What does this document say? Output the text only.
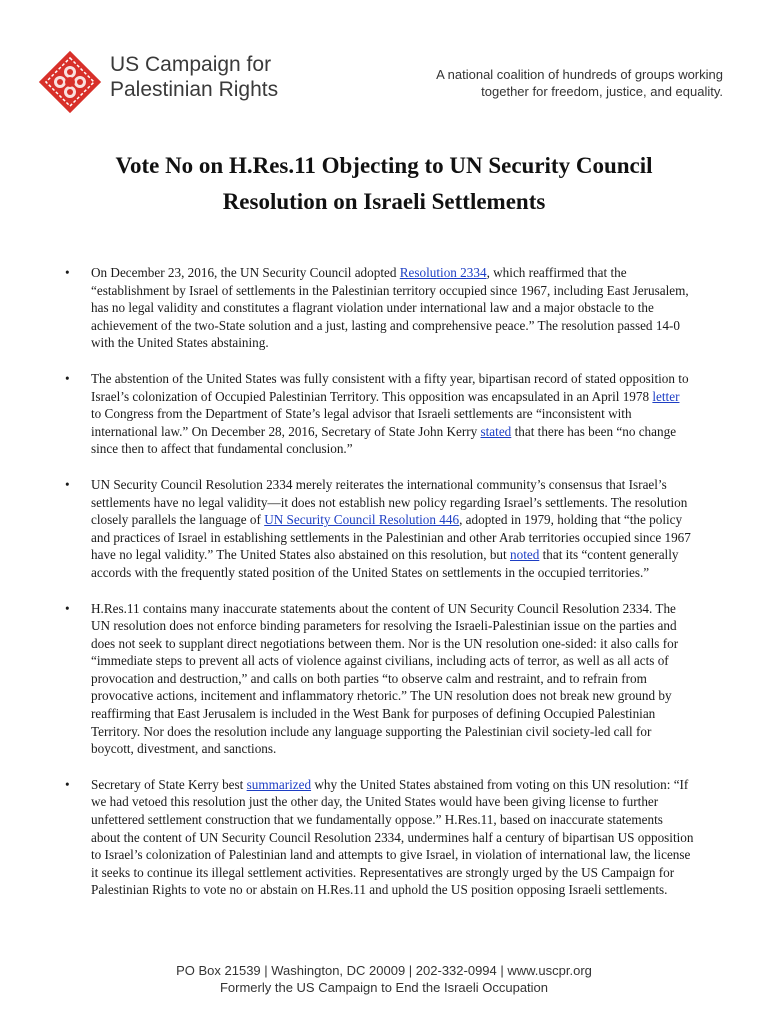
US Campaign for
Palestinian Rights
A national coalition of hundreds of groups working
together for freedom, justice, and equality.
Vote No on H.Res.11 Objecting to UN Security Council
Resolution on Israeli Settlements
• On December 23, 2016, the UN Security Council adopted Resolution 2334, which reaffirmed that the
“establishment by Israel of settlements in the Palestinian territory occupied since 1967, including East Jerusalem,
has no legal validity and constitutes a flagrant violation under international law and a major obstacle to the
achievement of the two-State solution and a just, lasting and comprehensive peace.” The resolution passed 14-0
with the United States abstaining.
• The abstention of the United States was fully consistent with a fifty year, bipartisan record of stated opposition to
Israel’s colonization of Occupied Palestinian Territory. This opposition was encapsulated in an April 1978 letter
to Congress from the Department of State’s legal advisor that Israeli settlements are “inconsistent with
international law.” On December 28, 2016, Secretary of State John Kerry stated that there has been “no change
since then to affect that fundamental conclusion.”
• UN Security Council Resolution 2334 merely reiterates the international community’s consensus that Israel’s
settlements have no legal validity—it does not establish new policy regarding Israel’s settlements. The resolution
closely parallels the language of UN Security Council Resolution 446, adopted in 1979, holding that “the policy
and practices of Israel in establishing settlements in the Palestinian and other Arab territories occupied since 1967
have no legal validity.” The United States also abstained on this resolution, but noted that its “content generally
accords with the frequently stated position of the United States on settlements in the occupied territories.”
• H.Res.11 contains many inaccurate statements about the content of UN Security Council Resolution 2334. The
UN resolution does not enforce binding parameters for resolving the Israeli-Palestinian issue on the parties and
does not seek to supplant direct negotiations between them. Nor is the UN resolution one-sided: it also calls for
“immediate steps to prevent all acts of violence against civilians, including acts of terror, as well as all acts of
provocation and destruction,” and calls on both parties “to observe calm and restraint, and to refrain from
provocative actions, incitement and inflammatory rhetoric.” The UN resolution does not break new ground by
reaffirming that East Jerusalem is included in the West Bank for purposes of defining Occupied Palestinian
Territory. Nor does the resolution include any language supporting the Palestinian civil society-led call for
boycott, divestment, and sanctions.
• Secretary of State Kerry best summarized why the United States abstained from voting on this UN resolution: “If
we had vetoed this resolution just the other day, the United States would have been giving license to further
unfettered settlement construction that we fundamentally oppose.” H.Res.11, based on inaccurate statements
about the content of UN Security Council Resolution 2334, undermines half a century of bipartisan US opposition
to Israel’s colonization of Palestinian land and attempts to give Israel, in violation of international law, the license
it seeks to continue its illegal settlement activities. Representatives are strongly urged by the US Campaign for
Palestinian Rights to vote no or abstain on H.Res.11 and uphold the US position opposing Israeli settlements.
PO Box 21539 | Washington, DC 20009 | 202-332-0994 | www.uscpr.org
Formerly the US Campaign to End the Israeli Occupation
